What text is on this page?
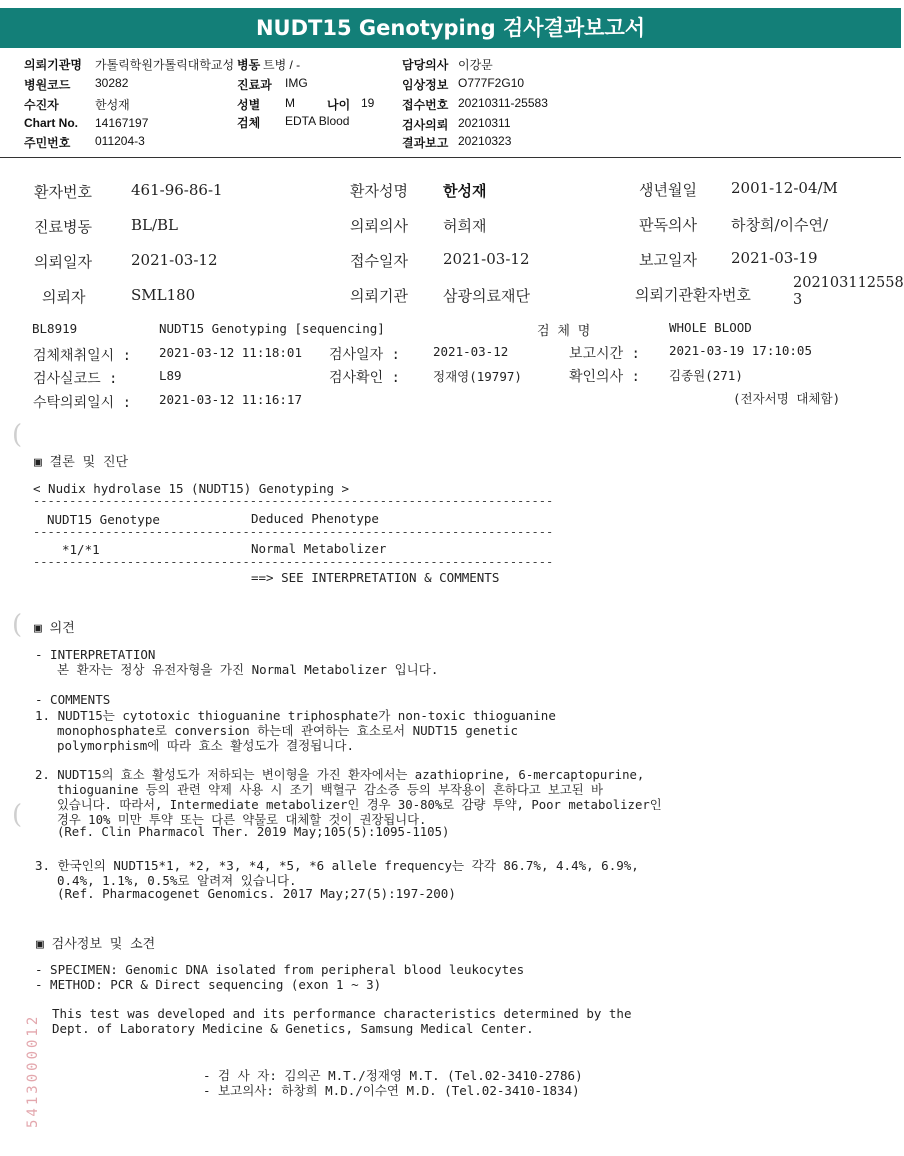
NUDT15 Genotyping 검사결과보고서
의뢰기관명 가톨릭학원가톨릭대학교성 병동 트병 / -	담당의사 이강문
병원코드 30282	진료과 IMG	임상정보 O777F2G10
수진자	한성재	성별 M	나이 19 접수번호 20210311-25583
Chart No. 14167197	검체 EDTA Blood	검사의뢰 20210311
주민번호 011204-3	결과보고 20210323
환자번호	461-96-86-1	환자성명 한성재	생년월일 2001-12-04/M
진료병동	BL/BL	의뢰의사 허희재	판독의사 하창희/이수연/
의뢰일자	2021-03-12	접수일자 2021-03-12	보고일자 2021-03-19
의뢰자	SML180	의뢰기관 삼광의료재단	의뢰기관환자번호
202103112558
3
BL8919	NUDT15 Genotyping [sequencing]	검 체 명	WHOLE BLOOD
검체채취일시 : 2021-03-12 11:18:01 검사일자 :	2021-03-12	보고시간 : 2021-03-19 17:10:05
검사실코드 :	L89	검사확인 :	정재영(19797)	확인의사 : 김종원(271)
수탁의뢰일시 : 2021-03-12 11:16:17	(전자서명 대체함)
(
(
(
▣ 결론 및 진단
< Nudix hydrolase 15 (NUDT15) Genotyping >
------------------------------------------------------------------------
NUDT15 Genotype	Deduced Phenotype
------------------------------------------------------------------------
*1/*1	Normal Metabolizer
------------------------------------------------------------------------
==> SEE INTERPRETATION & COMMENTS
▣ 의견
- INTERPRETATION
본 환자는 정상 유전자형을 가진 Normal Metabolizer 입니다.
- COMMENTS
1. NUDT15는 cytotoxic thioguanine triphosphate가 non-toxic thioguanine
monophosphate로 conversion 하는데 관여하는 효소로서 NUDT15 genetic
polymorphism에 따라 효소 활성도가 결정됩니다.
2. NUDT15의 효소 활성도가 저하되는 변이형을 가진 환자에서는 azathioprine, 6-mercaptopurine,
thioguanine 등의 관련 약제 사용 시 조기 백혈구 감소증 등의 부작용이 흔하다고 보고된 바
있습니다. 따라서, Intermediate metabolizer인 경우 30-80%로 감량 투약, Poor metabolizer인
경우 10% 미만 투약 또는 다른 약물로 대체할 것이 권장됩니다.
(Ref. Clin Pharmacol Ther. 2019 May;105(5):1095-1105)
3. 한국인의 NUDT15*1, *2, *3, *4, *5, *6 allele frequency는 각각 86.7%, 4.4%, 6.9%,
0.4%, 1.1%, 0.5%로 알려져 있습니다.
(Ref. Pharmacogenet Genomics. 2017 May;27(5):197-200)
▣ 검사정보 및 소견
- SPECIMEN: Genomic DNA isolated from peripheral blood leukocytes
- METHOD: PCR & Direct sequencing (exon 1 ~ 3)
This test was developed and its performance characteristics determined by the
Dept. of Laboratory Medicine & Genetics, Samsung Medical Center.
- 검 사 자: 김의곤 M.T./정재영 M.T. (Tel.02-3410-2786)
- 보고의사: 하창희 M.D./이수연 M.D. (Tel.02-3410-1834)
5413000012
